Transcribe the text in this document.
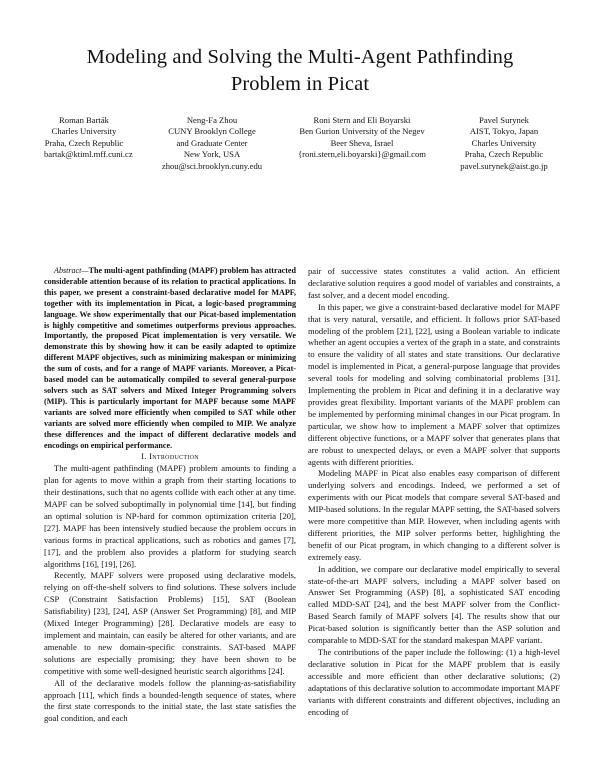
Modeling and Solving the Multi-Agent Pathfinding
Problem in Picat
Roman Barták
Charles University
Praha, Czech Republic
bartak@ktiml.mff.cuni.cz
Neng-Fa Zhou
CUNY Brooklyn College
and Graduate Center
New York, USA
zhou@sci.brooklyn.cuny.edu
Roni Stern and Eli Boyarski
Ben Gurion University of the Negev
Beer Sheva, Israel
{roni.stern,eli.boyarski}@gmail.com
Pavel Surynek
AIST, Tokyo, Japan
Charles University
Praha, Czech Republic
pavel.surynek@aist.go.jp

Abstract—The multi-agent pathfinding (MAPF) problem has attracted considerable attention because of its relation to practical applications. In this paper, we present a constraint-based declarative model for MAPF, together with its implementation in Picat, a logic-based programming language. We show experimentally that our Picat-based implementation is highly competitive and sometimes outperforms previous approaches. Importantly, the proposed Picat implementation is very versatile. We demonstrate this by showing how it can be easily adapted to optimize different MAPF objectives, such as minimizing makespan or minimizing the sum of costs, and for a range of MAPF variants. Moreover, a Picat-based model can be automatically compiled to several general-purpose solvers such as SAT solvers and Mixed Integer Programming solvers (MIP). This is particularly important for MAPF because some MAPF variants are solved more efficiently when compiled to SAT while other variants are solved more efficiently when compiled to MIP. We analyze these differences and the impact of different declarative models and encodings on empirical performance.

I. Introduction

The multi-agent pathfinding (MAPF) problem amounts to finding a plan for agents to move within a graph from their starting locations to their destinations, such that no agents collide with each other at any time. MAPF can be solved suboptimally in polynomial time [14], but finding an optimal solution is NP-hard for common optimization criteria [20], [27]. MAPF has been intensively studied because the problem occurs in various forms in practical applications, such as robotics and games [7], [17], and the problem also provides a platform for studying search algorithms [16], [19], [26].

Recently, MAPF solvers were proposed using declarative models, relying on off-the-shelf solvers to find solutions. These solvers include CSP (Constraint Satisfaction Problems) [15], SAT (Boolean Satisfiability) [23], [24], ASP (Answer Set Programming) [8], and MIP (Mixed Integer Programming) [28]. Declarative models are easy to implement and maintain, can easily be altered for other variants, and are amenable to new domain-specific constraints. SAT-based MAPF solutions are especially promising; they have been shown to be competitive with some well-designed heuristic search algorithms [24].

All of the declarative models follow the planning-as-satisfiability approach [11], which finds a bounded-length sequence of states, where the first state corresponds to the initial state, the last state satisfies the goal condition, and each

pair of successive states constitutes a valid action. An efficient declarative solution requires a good model of variables and constraints, a fast solver, and a decent model encoding.

In this paper, we give a constraint-based declarative model for MAPF that is very natural, versatile, and efficient. It follows prior SAT-based modeling of the problem [21], [22], using a Boolean variable to indicate whether an agent occupies a vertex of the graph in a state, and constraints to ensure the validity of all states and state transitions. Our declarative model is implemented in Picat, a general-purpose language that provides several tools for modeling and solving combinatorial problems [31]. Implementing the problem in Picat and defining it in a declarative way provides great flexibility. Important variants of the MAPF problem can be implemented by performing minimal changes in our Picat program. In particular, we show how to implement a MAPF solver that optimizes different objective functions, or a MAPF solver that generates plans that are robust to unexpected delays, or even a MAPF solver that supports agents with different priorities.

Modeling MAPF in Picat also enables easy comparison of different underlying solvers and encodings. Indeed, we performed a set of experiments with our Picat models that compare several SAT-based and MIP-based solutions. In the regular MAPF setting, the SAT-based solvers were more competitive than MIP. However, when including agents with different priorities, the MIP solver performs better, highlighting the benefit of our Picat program, in which changing to a different solver is extremely easy.

In addition, we compare our declarative model empirically to several state-of-the-art MAPF solvers, including a MAPF solver based on Answer Set Programming (ASP) [8], a sophisticated SAT encoding called MDD-SAT [24], and the best MAPF solver from the Conflict-Based Search family of MAPF solvers [4]. The results show that our Picat-based solution is significantly better than the ASP solution and comparable to MDD-SAT for the standard makespan MAPF variant.

The contributions of the paper include the following: (1) a high-level declarative solution in Picat for the MAPF problem that is easily accessible and more efficient than other declarative solutions; (2) adaptations of this declarative solution to accommodate important MAPF variants with different constraints and different objectives, including an encoding of
